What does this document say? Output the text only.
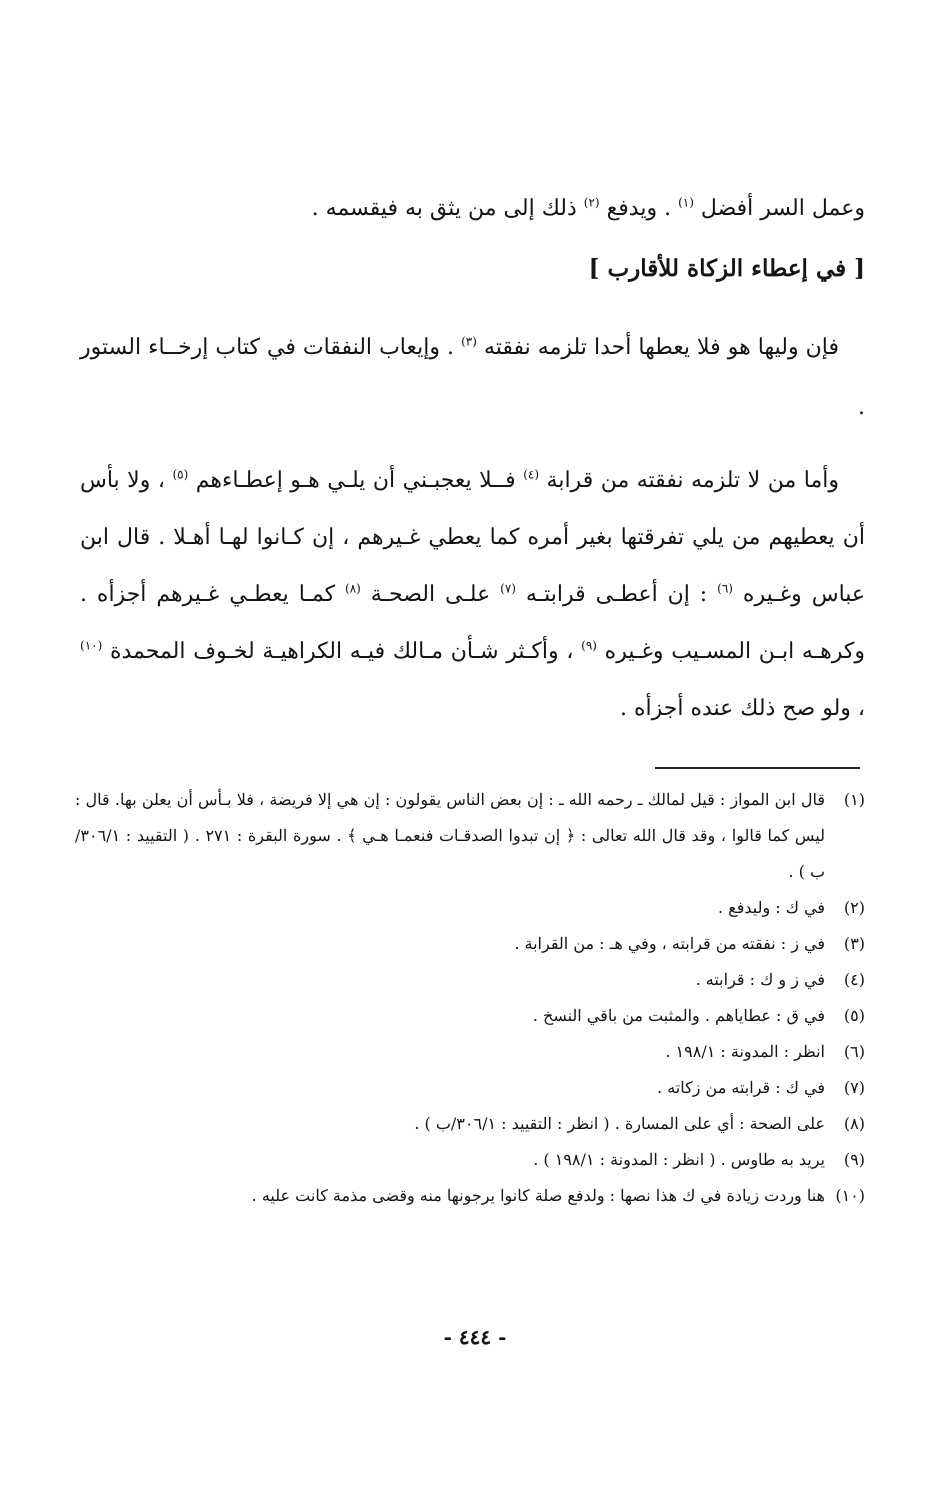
وعمل السر أفضل $^{(١)}$ . ويدفع $^{(٢)}$ ذلك إلى من يثق به فيقسمه .
[ في إعطاء الزكاة للأقارب ]
فإن وليها هو فلا يعطها أحدا تلزمه نفقته $^{(٣)}$ . وإيعاب النفقات في كتاب إرخــاء الستور .
وأما من لا تلزمه نفقته من قرابة $^{(٤)}$ فــلا يعجبـني أن يلـي هـو إعطـاءهم $^{(٥)}$ ، ولا بأس أن يعطيهم من يلي تفرقتها بغير أمره كما يعطي غـيرهم ، إن كـانوا لهـا أهـلا . قال ابن عباس وغـيره $^{(٦)}$ : إن أعطـى قرابتـه $^{(٧)}$ علـى الصحـة $^{(٨)}$ كمـا يعطـي غـيرهم أجزأه . وكرهـه ابـن المسـيب وغـيره $^{(٩)}$ ، وأكـثر شـأن مـالك فيـه الكراهيـة لخـوف المحمدة $^{(١٠)}$ ، ولو صح ذلك عنده أجزأه .
(١)
قال ابن المواز : قيل لمالك ـ رحمه الله ـ : إن بعض الناس يقولون : إن هي إلا فريضة ، فلا بـأس أن يعلن بها. قال : ليس كما قالوا ، وقد قال الله تعالى : ﴿ إن تبدوا الصدقـات فنعمـا هـي ﴾ . سورة البقرة : ٢٧١ . ( التقييد : ٣٠٦/١/ب ) .
(٢)
في ك : وليدفع .
(٣)
في ز : نفقته من قرابته ، وفي هـ : من القرابة .
(٤)
في ز و ك : قرابته .
(٥)
في ق : عطاياهم . والمثبت من باقي النسخ .
(٦)
انظر : المدونة : ١٩٨/١ .
(٧)
في ك : قرابته من زكاته .
(٨)
على الصحة : أي على المسارة . ( انظر : التقييد : ٣٠٦/١/ب ) .
(٩)
يريد به طاوس . ( انظر : المدونة : ١٩٨/١ ) .
(١٠)
هنا وردت زيادة في ك هذا نصها : ولدفع صلة كانوا يرجونها منه وقضى مذمة كانت عليه .
- ٤٤٤ -
